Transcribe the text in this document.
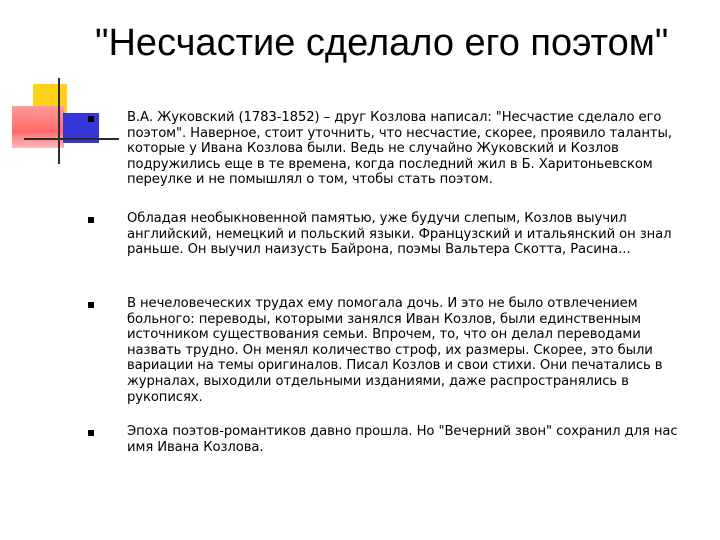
"Несчастие сделало его поэтом"
В.А. Жуковский (1783-1852) – друг Козлова написал: "Несчастие сделало его поэтом". Наверное, стоит уточнить, что несчастие, скорее, проявило таланты, которые у Ивана Козлова были. Ведь не случайно Жуковский и Козлов подружились еще в те времена, когда последний жил в Б. Харитоньевском переулке и не помышлял о том, чтобы стать поэтом.
Обладая необыкновенной памятью, уже будучи слепым, Козлов выучил английский, немецкий и польский языки. Французский и итальянский он знал раньше. Он выучил наизусть Байрона, поэмы Вальтера Скотта, Расина...
В нечеловеческих трудах ему помогала дочь. И это не было отвлечением больного: переводы, которыми занялся Иван Козлов, были единственным источником существования семьи. Впрочем, то, что он делал переводами назвать трудно. Он менял количество строф, их размеры. Скорее, это были вариации на темы оригиналов. Писал Козлов и свои стихи. Они печатались в журналах, выходили отдельными изданиями, даже распространялись в рукописях.
Эпоха поэтов-романтиков давно прошла. Но "Вечерний звон" сохранил для нас имя Ивана Козлова.
